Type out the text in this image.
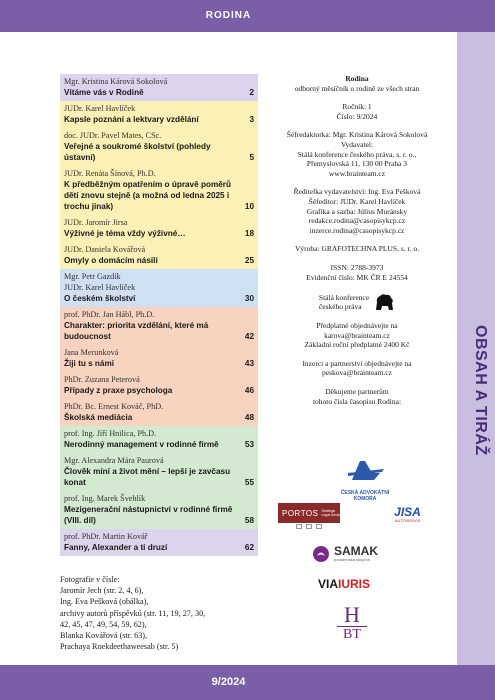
RODINA
OBSAH A TIRÁŽ
9/2024
Mgr. Kristina Kárová Sokolová
Vítáme vás v Rodině	2
JUDr. Karel Havlíček
Kapsle poznání a lektvary vzdělání	3
doc. JUDr. Pavel Mates, CSc.
Veřejné a soukromé školství (pohledy ústavní)	5
JUDr. Renáta Šínová, Ph.D.
K předběžným opatřením o úpravě poměrů dětí znovu stejně (a možná od ledna 2025 i trochu jinak)	10
JUDr. Jaromír Jirsa
Výživné je téma vždy výživné…	18
JUDr. Daniela Kovářová
Omyly o domácím násilí	25
Mgr. Petr Gazdík
JUDr. Karel Havlíček
O českém školství	30
prof. PhDr. Jan Hábl, Ph.D.
Charakter: priorita vzdělání, které má budoucnost	42
Jana Merunková
Žiji tu s námi	43
PhDr. Zuzana Peterová
Případy z praxe psychologa	46
PhDr. Bc. Ernest Kováč, PhD.
Školská mediácia	48
prof. Ing. Jiří Hnilica, Ph.D.
Nerodinný management v rodinné firmě	53
Mgr. Alexandra Mára Paurová
Člověk míní a život mění – lepší je zavčasu konat	55
prof. Ing. Marek Švehlík
Mezigenerační nástupnictví v rodinné firmě (VIII. díl)	58
prof. PhDr. Martin Kovář
Fanny, Alexander a ti druzí	62
Fotografie v čísle:
Jaromír Jech (str. 2, 4, 6),
Ing. Eva Pešková (obálka),
archivy autorů příspěvků (str. 11, 19, 27, 30,
42, 45, 47, 49, 54, 59, 62),
Blanka Kovářová (str. 63),
Prachaya Roekdeethaweesab (str. 5)

Rodina

odborný měsíčník o rodině ze všech stran

Ročník: 1

Číslo: 9/2024

Šéfredaktorka: Mgr. Kristina Kárová Sokolová

Vydavatel:

Stálá konference českého práva, s. r. o.,

Přemyslovská 11, 130 00 Praha 3

www.brainteam.cz

Ředitelka vydavatelství: Ing. Eva Pešková

Šéfeditor: JUDr. Karel Havlíček

Grafika a sazba: Július Muránsky

redakce.rodina@casopisykcp.cz

inzerce.rodina@casopisykcp.cz

Výroba: GRAFOTECHNA PLUS, s. r. o.

ISSN: 2788-3973

Evidenční číslo: MK ČR E 24554

Stálá konference
českého práva

Předplatné objednávejte na

karova@brainteam.cz

Základní roční předplatné 2400 Kč

Inzerci a partnerství objednávejte na

peskova@brainteam.cz

Děkujeme partnerům

tohoto čísla časopisu Rodina:

ČESKÁ ADVOKÁTNÍ KOMORA
PORTOS Strategic
Legal Advisors	JISA
AUTOSERVIS
SAMAK
poradenská skupina
VIAIURIS
H
BT
